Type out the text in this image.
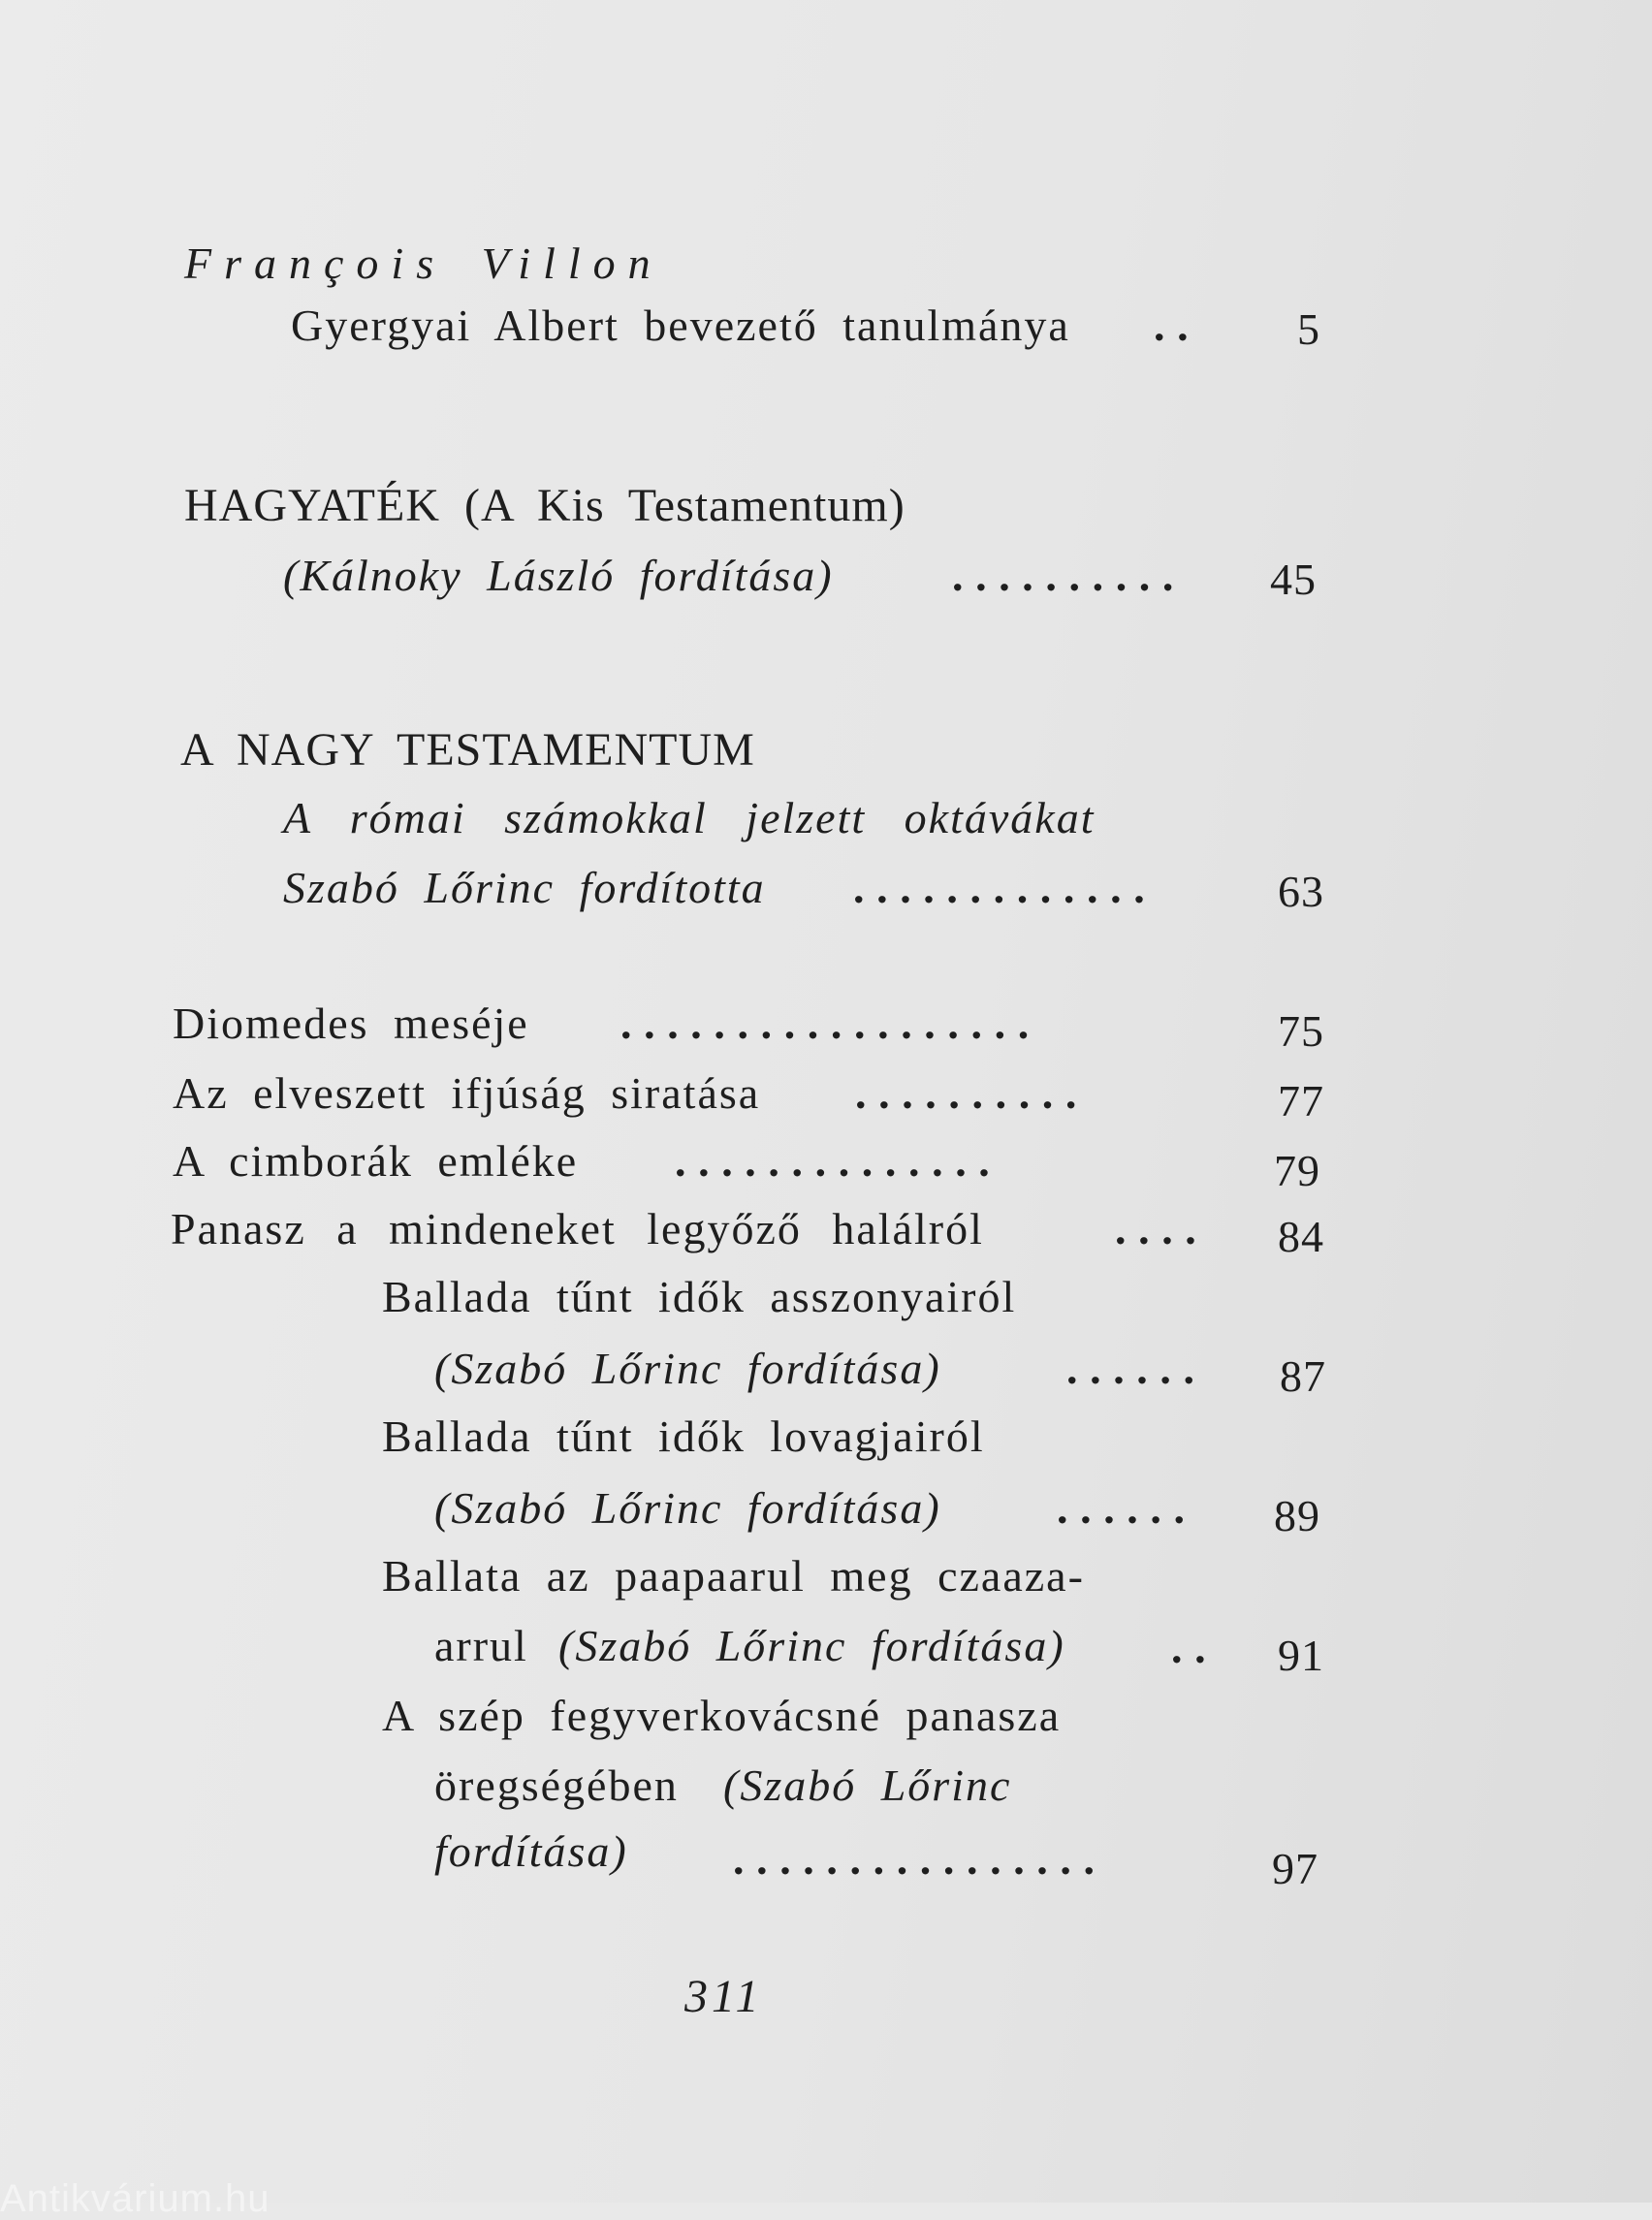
François Villon
Gyergyai Albert bevezető tanulmánya .. 5
HAGYATÉK (A Kis Testamentum)
(Kálnoky László fordítása)	.......... 45
A NAGY TESTAMENTUM
A római számokkal jelzett oktávákat
Szabó Lőrinc fordította .............	63
Diomedes meséje ..................	75
Az elveszett ifjúság siratása ..........	77
A cimborák emléke ..............	79
Panasz a mindeneket legyőző halálról	.... 84
Ballada tűnt idők asszonyairól
(Szabó Lőrinc fordítása)	...... 87
Ballada tűnt idők lovagjairól
(Szabó Lőrinc fordítása)	...... 89
Ballata az paapaarul meg czaaza-
arrul (Szabó Lőrinc fordítása) .. 91
A szép fegyverkovácsné panasza
öregségében (Szabó Lőrinc
fordítása) ................	97
311
Antikvárium.hu
